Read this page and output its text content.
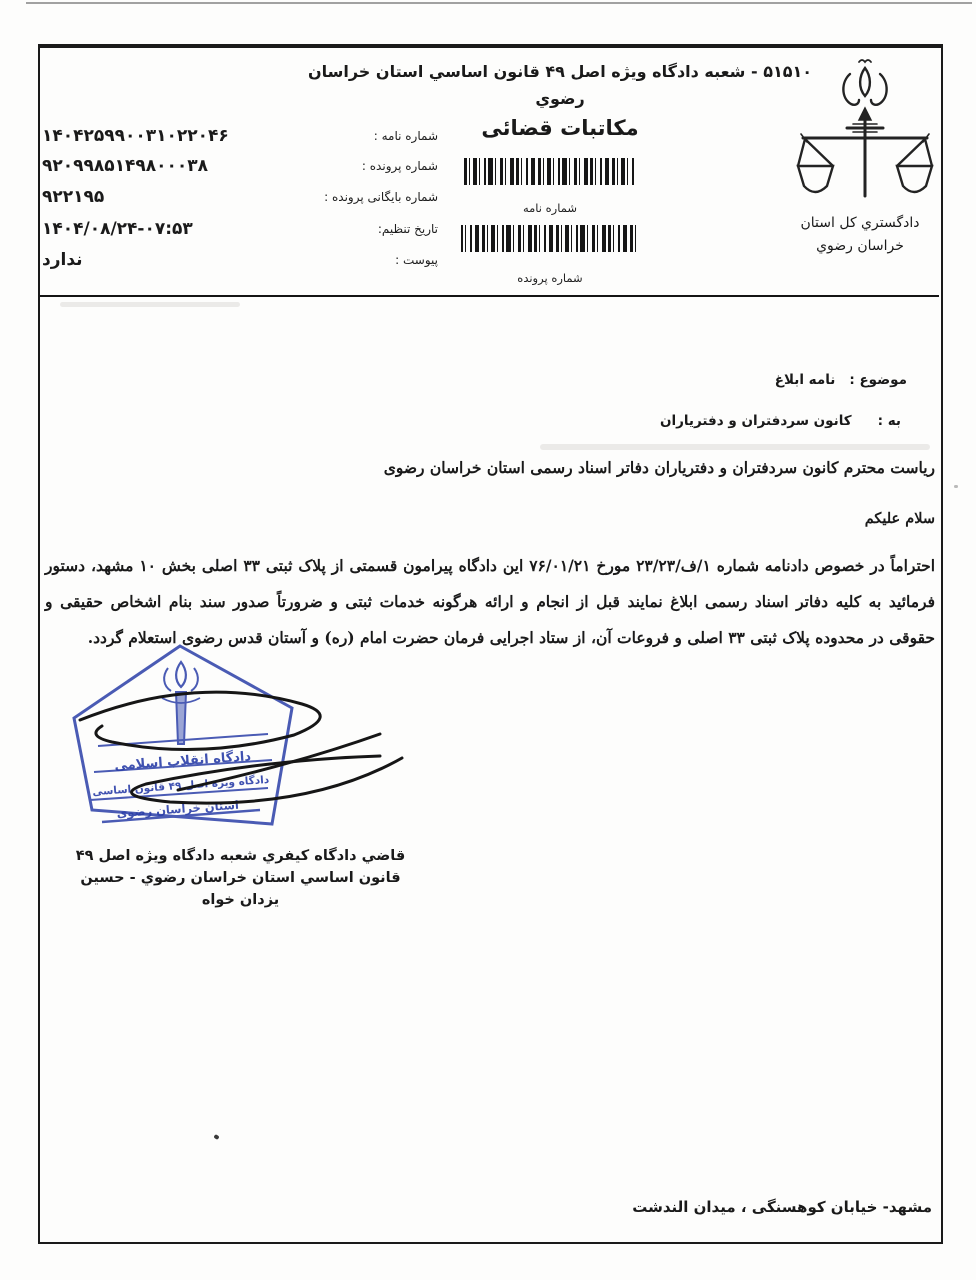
۵۱۵۱۰ - شعبه دادگاه ویژه اصل ۴۹ قانون اساسي استان خراسان
رضوي
مکاتبات قضائی
شماره نامه
شماره پرونده
۱۴۰۴۲۵۹۹۰۰۳۱۰۲۲۰۴۶	شماره نامه :
۹۲۰۹۹۸۵۱۴۹۸۰۰۰۳۸	شماره پرونده :
۹۲۲۱۹۵	شماره بایگانی پرونده :
۱۴۰۴/۰۸/۲۴-۰۷:۵۳	تاریخ تنظیم:
ندارد	پیوست :
دادگستري كل استان
خراسان رضوي
موضوع :
نامه ابلاغ
به :
کانون سردفتران و دفتریاران
ریاست محترم کانون سردفتران و دفتریاران دفاتر اسناد رسمی استان خراسان رضوی
سلام علیکم
احتراماً در خصوص دادنامه شماره ۱/ف/۲۳/۲۳ مورخ ۷۶/۰۱/۲۱ این دادگاه پیرامون قسمتی از پلاک ثبتی ۳۳ اصلی بخش ۱۰ مشهد، دستور فرمائید به کلیه دفاتر اسناد رسمی ابلاغ نمایند قبل از انجام و ارائه هرگونه خدمات ثبتی و ضرورتاً صدور سند بنام اشخاص حقیقی و حقوقی در محدوده پلاک ثبتی ۳۳ اصلی و فروعات آن، از ستاد اجرایی فرمان حضرت امام (ره) و آستان قدس رضوی استعلام گردد.
دادگاه انقلاب اسلامی
دادگاه ویژه اصل ۴۹ قانون اساسی
استان خراسان رضوی
قاضي دادگاه كيفري شعبه دادگاه ويژه اصل ۴۹
قانون اساسي استان خراسان رضوي - حسين
يزدان خواه
مشهد- خیابان کوهسنگی ، میدان الندشت
